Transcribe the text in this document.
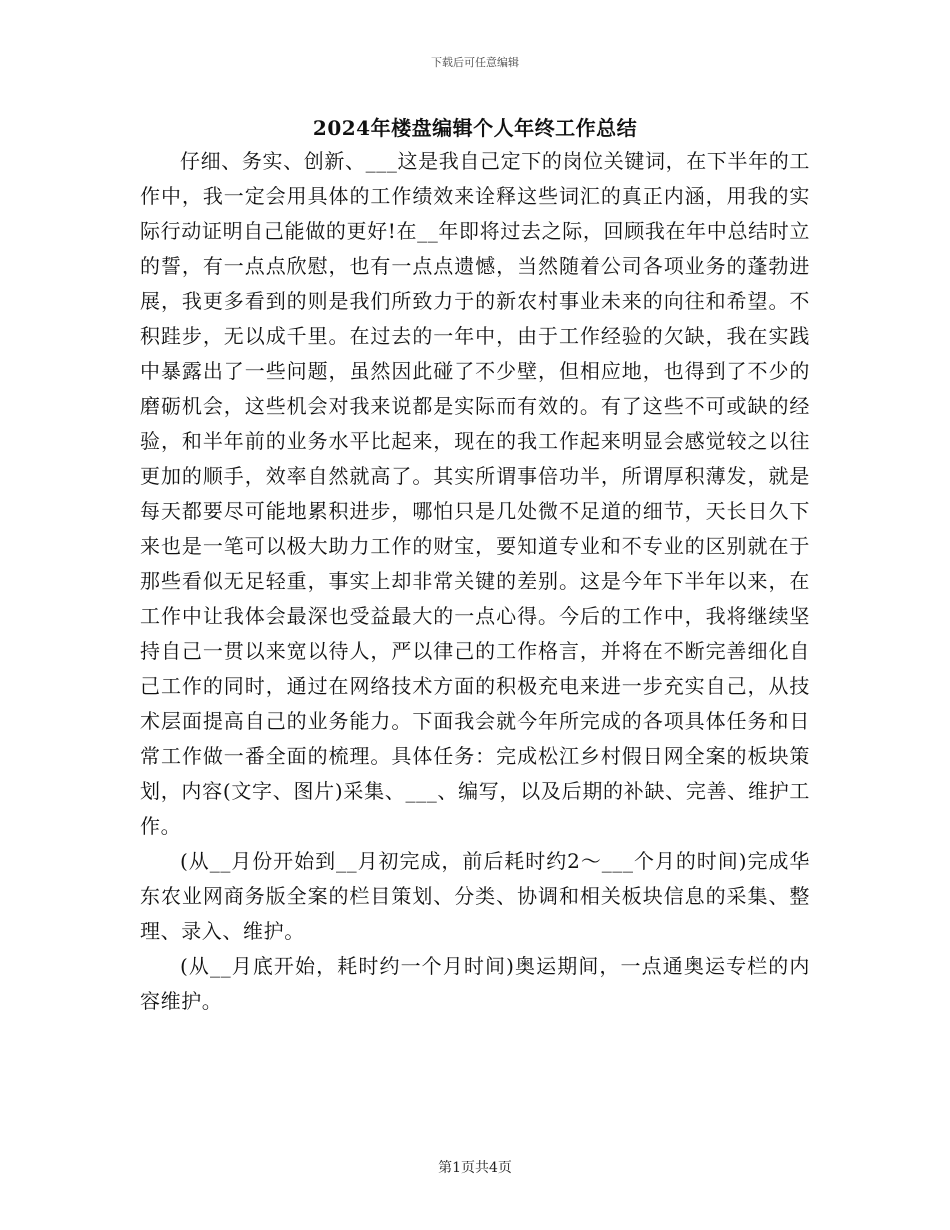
下载后可任意编辑
2024年楼盘编辑个人年终工作总结

仔细、务实、创新、___这是我自己定下的岗位关键词，在下半年的工作中，我一定会用具体的工作绩效来诠释这些词汇的真正内涵，用我的实际行动证明自己能做的更好!在__年即将过去之际，回顾我在年中总结时立的誓，有一点点欣慰，也有一点点遗憾，当然随着公司各项业务的蓬勃进展，我更多看到的则是我们所致力于的新农村事业未来的向往和希望。不积跬步，无以成千里。在过去的一年中，由于工作经验的欠缺，我在实践中暴露出了一些问题，虽然因此碰了不少壁，但相应地，也得到了不少的磨砺机会，这些机会对我来说都是实际而有效的。有了这些不可或缺的经验，和半年前的业务水平比起来，现在的我工作起来明显会感觉较之以往更加的顺手，效率自然就高了。其实所谓事倍功半，所谓厚积薄发，就是每天都要尽可能地累积进步，哪怕只是几处微不足道的细节，天长日久下来也是一笔可以极大助力工作的财宝，要知道专业和不专业的区别就在于那些看似无足轻重，事实上却非常关键的差别。这是今年下半年以来，在工作中让我体会最深也受益最大的一点心得。今后的工作中，我将继续坚持自己一贯以来宽以待人，严以律己的工作格言，并将在不断完善细化自己工作的同时，通过在网络技术方面的积极充电来进一步充实自己，从技术层面提高自己的业务能力。下面我会就今年所完成的各项具体任务和日常工作做一番全面的梳理。具体任务：完成松江乡村假日网全案的板块策划，内容(文字、图片)采集、___、编写，以及后期的补缺、完善、维护工作。

(从__月份开始到__月初完成，前后耗时约2～___个月的时间)完成华东农业网商务版全案的栏目策划、分类、协调和相关板块信息的采集、整理、录入、维护。

(从__月底开始，耗时约一个月时间)奥运期间，一点通奥运专栏的内容维护。

第1页共4页
